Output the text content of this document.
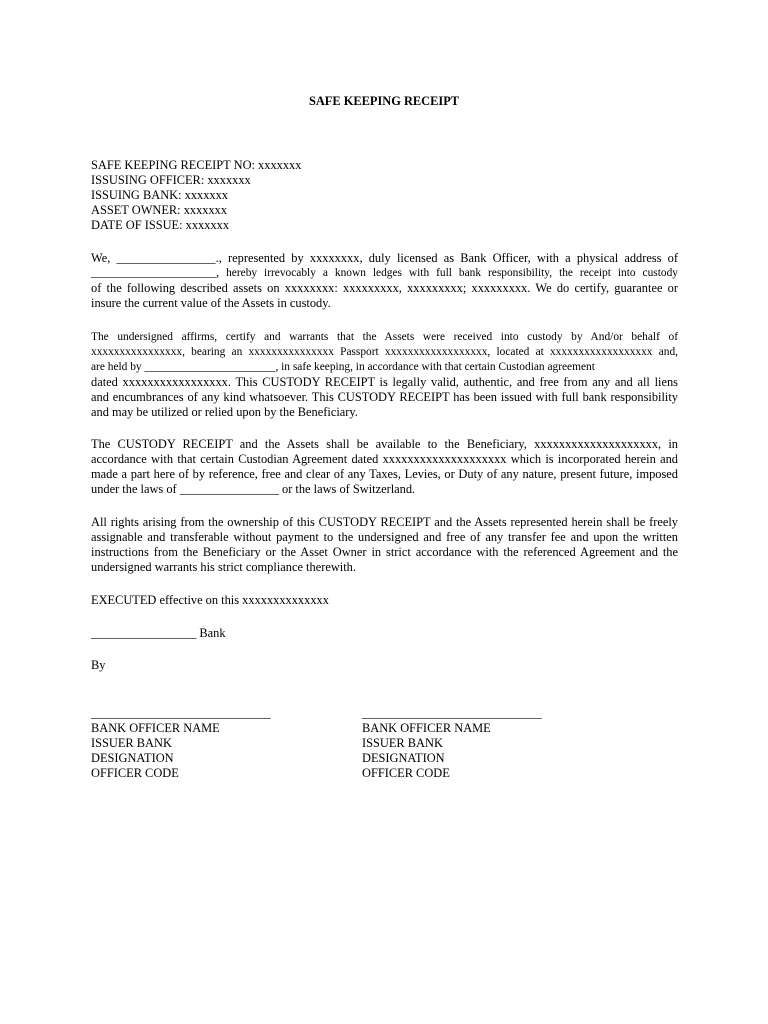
SAFE KEEPING RECEIPT
SAFE KEEPING RECEIPT NO: xxxxxxx
ISSUSING OFFICER: xxxxxxx
ISSUING BANK: xxxxxxx
ASSET OWNER: xxxxxxx
DATE OF ISSUE: xxxxxxx
We, ________________., represented by xxxxxxxx, duly licensed as Bank Officer, with a physical address of
______________________, hereby irrevocably a known ledges with full bank responsibility, the receipt into custody
of the following described assets on xxxxxxxx: xxxxxxxxx, xxxxxxxxx; xxxxxxxxx. We do certify, guarantee or
insure the current value of the Assets in custody.
The undersigned affirms, certify and warrants that the Assets were received into custody by And/or behalf of
xxxxxxxxxxxxxxxx, bearing an xxxxxxxxxxxxxxx Passport xxxxxxxxxxxxxxxxxx, located at xxxxxxxxxxxxxxxxxx and,
are held by _______________________, in safe keeping, in accordance with that certain Custodian agreement
dated xxxxxxxxxxxxxxxxx. This CUSTODY RECEIPT is legally valid, authentic, and free from any and all liens
and encumbrances of any kind whatsoever. This CUSTODY RECEIPT has been issued with full bank responsibility
and may be utilized or relied upon by the Beneficiary.
The CUSTODY RECEIPT and the Assets shall be available to the Beneficiary, xxxxxxxxxxxxxxxxxxxx, in
accordance with that certain Custodian Agreement dated xxxxxxxxxxxxxxxxxxxx which is incorporated herein and
made a part here of by reference, free and clear of any Taxes, Levies, or Duty of any nature, present future, imposed
under the laws of ________________ or the laws of Switzerland.
All rights arising from the ownership of this CUSTODY RECEIPT and the Assets represented herein shall be freely
assignable and transferable without payment to the undersigned and free of any transfer fee and upon the written
instructions from the Beneficiary or the Asset Owner in strict accordance with the referenced Agreement and the
undersigned warrants his strict compliance therewith.
EXECUTED effective on this xxxxxxxxxxxxxx
_________________ Bank
By
_____________________________
BANK OFFICER NAME
ISSUER BANK
DESIGNATION
OFFICER CODE
_____________________________
BANK OFFICER NAME
ISSUER BANK
DESIGNATION
OFFICER CODE
